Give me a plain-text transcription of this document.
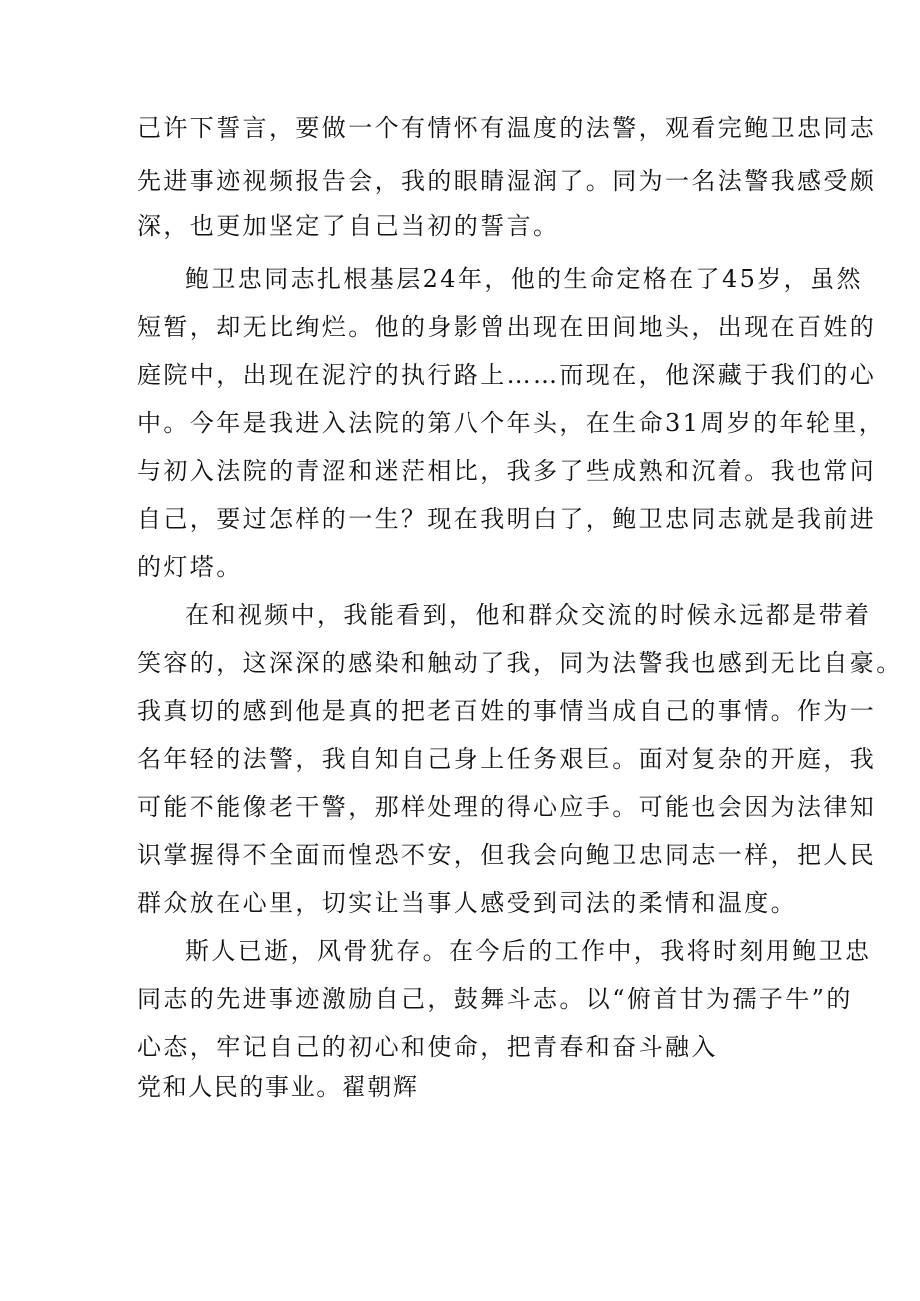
己许下誓言，要做一个有情怀有温度的法警，观看完鲍卫忠同志
先进事迹视频报告会，我的眼睛湿润了。同为一名法警我感受颇
深，也更加坚定了自己当初的誓言。
鲍卫忠同志扎根基层24年，他的生命定格在了45岁，虽然
短暂，却无比绚烂。他的身影曾出现在田间地头，出现在百姓的
庭院中，出现在泥泞的执行路上……而现在，他深藏于我们的心
中。今年是我进入法院的第八个年头，在生命31周岁的年轮里，
与初入法院的青涩和迷茫相比，我多了些成熟和沉着。我也常问
自己，要过怎样的一生？现在我明白了，鲍卫忠同志就是我前进
的灯塔。
在和视频中，我能看到，他和群众交流的时候永远都是带着
笑容的，这深深的感染和触动了我，同为法警我也感到无比自豪。
我真切的感到他是真的把老百姓的事情当成自己的事情。作为一
名年轻的法警，我自知自己身上任务艰巨。面对复杂的开庭，我
可能不能像老干警，那样处理的得心应手。可能也会因为法律知
识掌握得不全面而惶恐不安，但我会向鲍卫忠同志一样，把人民
群众放在心里，切实让当事人感受到司法的柔情和温度。
斯人已逝，风骨犹存。在今后的工作中，我将时刻用鲍卫忠
同志的先进事迹激励自己，鼓舞斗志。以“俯首甘为孺子牛”的
心态，牢记自己的初心和使命，把青春和奋斗融入
党和人民的事业。翟朝辉
